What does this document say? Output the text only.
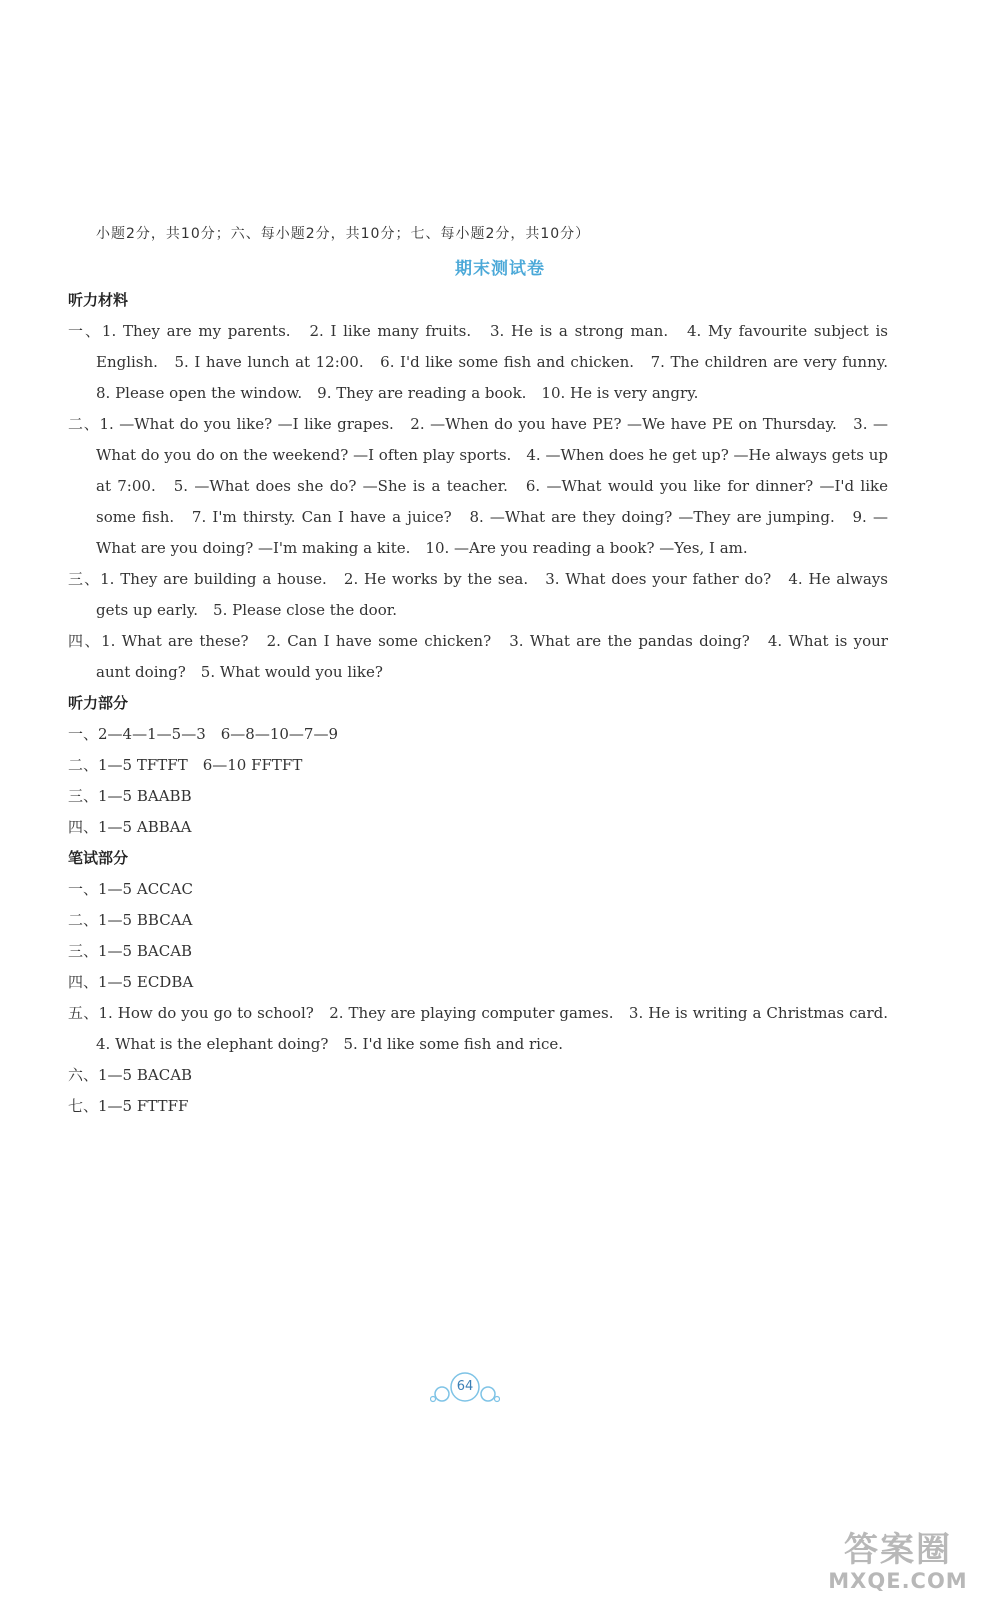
小题2分，共10分；六、每小题2分，共10分；七、每小题2分，共10分）
期末测试卷
听力材料
一、1. They are my parents.　2. I like many fruits.　3. He is a strong man.　4. My favourite subject is English.　5. I have lunch at 12:00.　6. I'd like some fish and chicken.　7. The children are very funny.　8. Please open the window.　9. They are reading a book.　10. He is very angry.
二、1. —What do you like? —I like grapes.　2. —When do you have PE? —We have PE on Thursday.　3. —What do you do on the weekend? —I often play sports.　4. —When does he get up? —He always gets up at 7:00.　5. —What does she do? —She is a teacher.　6. —What would you like for dinner? —I'd like some fish.　7. I'm thirsty. Can I have a juice?　8. —What are they doing? —They are jumping.　9. —What are you doing? —I'm making a kite.　10. —Are you reading a book? —Yes, I am.
三、1. They are building a house.　2. He works by the sea.　3. What does your father do?　4. He always gets up early.　5. Please close the door.
四、1. What are these?　2. Can I have some chicken?　3. What are the pandas doing?　4. What is your aunt doing?　5. What would you like?
听力部分
一、2—4—1—5—3　6—8—10—7—9
二、1—5 TFTFT　6—10 FFTFT
三、1—5 BAABB
四、1—5 ABBAA
笔试部分
一、1—5 ACCAC
二、1—5 BBCAA
三、1—5 BACAB
四、1—5 ECDBA
五、1. How do you go to school?　2. They are playing computer games.　3. He is writing a Christmas card.　4. What is the elephant doing?　5. I'd like some fish and rice.
六、1—5 BACAB
七、1—5 FTTFF
64
答案圈
MXQE.COM
